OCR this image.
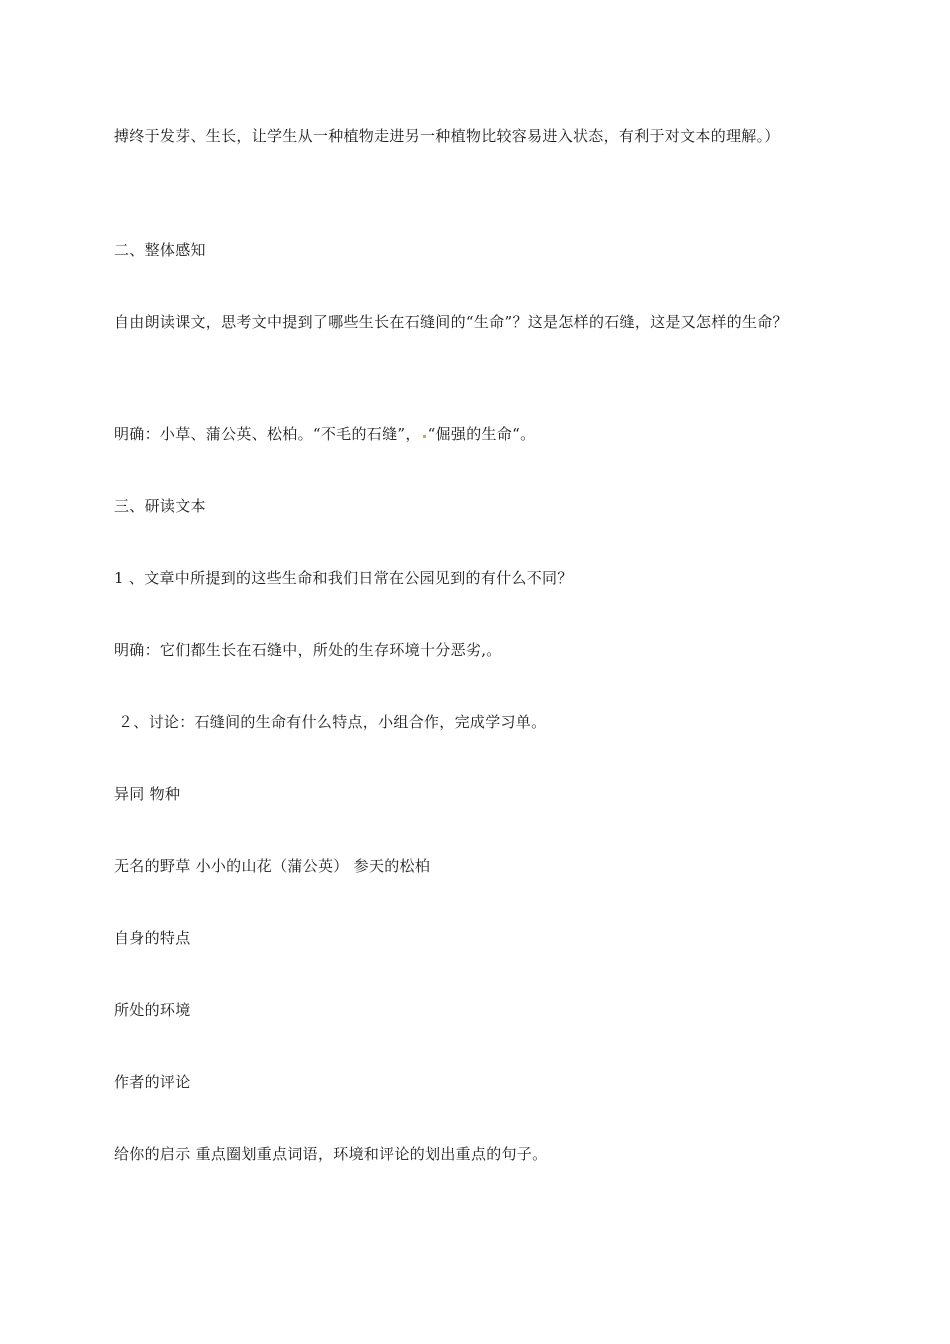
搏终于发芽、生长，让学生从一种植物走进另一种植物比较容易进入状态，有利于对文本的理解。）

二、整体感知

自由朗读课文，思考文中提到了哪些生长在石缝间的“生命”？这是怎样的石缝，这是又怎样的生命？

明确：小草、蒲公英、松柏。“不毛的石缝”， “倔强的生命“。

三、研读文本

1 、文章中所提到的这些生命和我们日常在公园见到的有什么不同？

明确：它们都生长在石缝中，所处的生存环境十分恶劣,。

２、讨论：石缝间的生命有什么特点，小组合作，完成学习单。

异同 物种

无名的野草 小小的山花（蒲公英） 参天的松柏

自身的特点

所处的环境

作者的评论

给你的启示 重点圈划重点词语，环境和评论的划出重点的句子。
